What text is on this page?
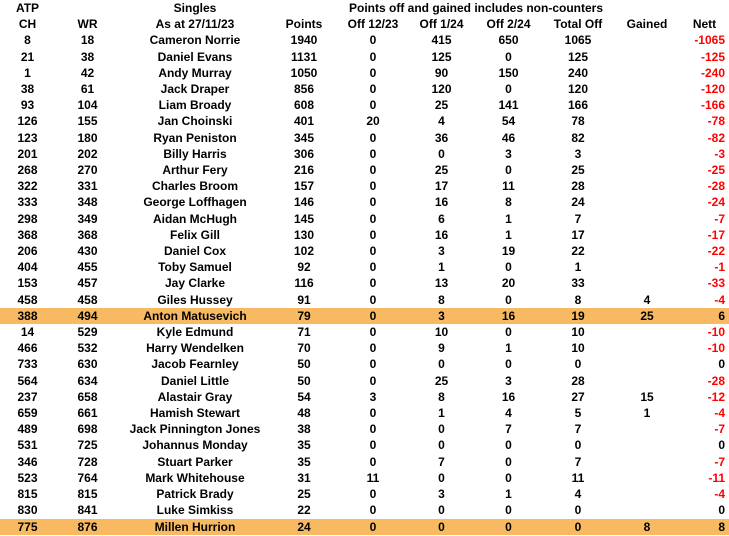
ATP		Singles		Points off and gained includes non-counters					
CH	WR	As at 27/11/23	Points	Off 12/23	Off 1/24	Off 2/24	Total Off	Gained	Nett
8	18	Cameron Norrie	1940	0	415	650	1065		-1065
21	38	Daniel Evans	1131	0	125	0	125		-125
1	42	Andy Murray	1050	0	90	150	240		-240
38	61	Jack Draper	856	0	120	0	120		-120
93	104	Liam Broady	608	0	25	141	166		-166
126	155	Jan Choinski	401	20	4	54	78		-78
123	180	Ryan Peniston	345	0	36	46	82		-82
201	202	Billy Harris	306	0	0	3	3		-3
268	270	Arthur Fery	216	0	25	0	25		-25
322	331	Charles Broom	157	0	17	11	28		-28
333	348	George Loffhagen	146	0	16	8	24		-24
298	349	Aidan McHugh	145	0	6	1	7		-7
368	368	Felix Gill	130	0	16	1	17		-17
206	430	Daniel Cox	102	0	3	19	22		-22
404	455	Toby Samuel	92	0	1	0	1		-1
153	457	Jay Clarke	116	0	13	20	33		-33
458	458	Giles Hussey	91	0	8	0	8	4	-4
388	494	Anton Matusevich	79	0	3	16	19	25	6
14	529	Kyle Edmund	71	0	10	0	10		-10
466	532	Harry Wendelken	70	0	9	1	10		-10
733	630	Jacob Fearnley	50	0	0	0	0		0
564	634	Daniel Little	50	0	25	3	28		-28
237	658	Alastair Gray	54	3	8	16	27	15	-12
659	661	Hamish Stewart	48	0	1	4	5	1	-4
489	698	Jack Pinnington Jones	38	0	0	7	7		-7
531	725	Johannus Monday	35	0	0	0	0		0
346	728	Stuart Parker	35	0	7	0	7		-7
523	764	Mark Whitehouse	31	11	0	0	11		-11
815	815	Patrick Brady	25	0	3	1	4		-4
830	841	Luke Simkiss	22	0	0	0	0		0
775	876	Millen Hurrion	24	0	0	0	0	8	8
